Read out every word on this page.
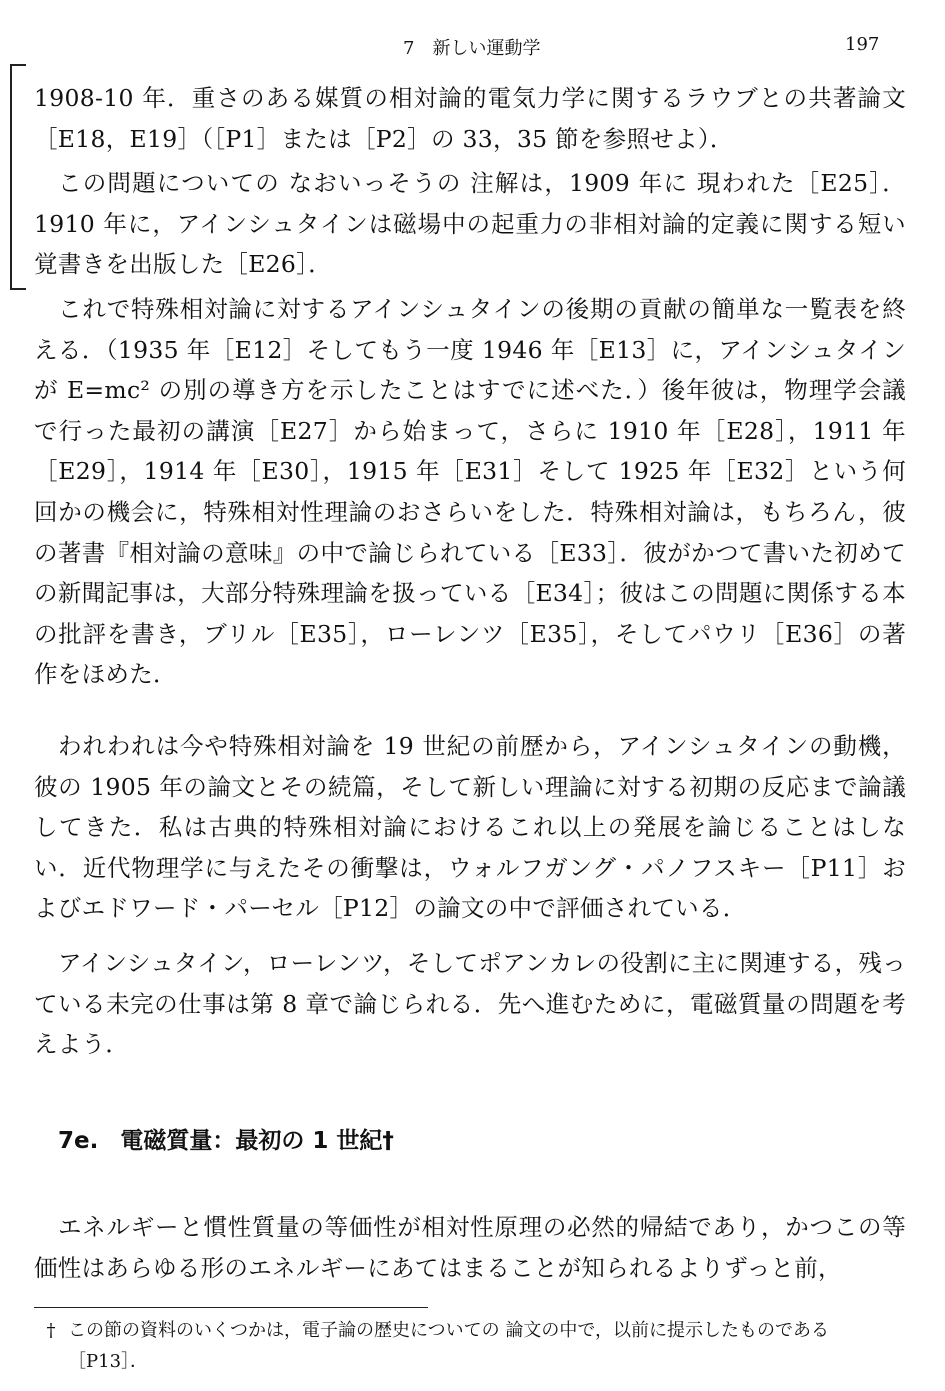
7　新しい運動学	197

1908-10 年．重さのある媒質の相対論的電気力学に関するラウブとの共著論文［E18，E19］（［P1］または［P2］の 33，35 節を参照せよ）．

この問題についての なおいっそうの 注解は，1909 年に 現われた［E25］．1910 年に，アインシュタインは磁場中の起重力の非相対論的定義に関する短い覚書きを出版した［E26］．

これで特殊相対論に対するアインシュタインの後期の貢献の簡単な一覧表を終える．（1935 年［E12］そしてもう一度 1946 年［E13］に，アインシュタインが E=mc² の別の導き方を示したことはすでに述べた．）後年彼は，物理学会議で行った最初の講演［E27］から始まって，さらに 1910 年［E28］，1911 年［E29］，1914 年［E30］，1915 年［E31］そして 1925 年［E32］という何回かの機会に，特殊相対性理論のおさらいをした．特殊相対論は，もちろん，彼の著書『相対論の意味』の中で論じられている［E33］．彼がかつて書いた初めての新聞記事は，大部分特殊理論を扱っている［E34］；彼はこの問題に関係する本の批評を書き，ブリル［E35］，ローレンツ［E35］，そしてパウリ［E36］の著作をほめた．

われわれは今や特殊相対論を 19 世紀の前歴から，アインシュタインの動機，彼の 1905 年の論文とその続篇，そして新しい理論に対する初期の反応まで論議してきた．私は古典的特殊相対論におけるこれ以上の発展を論じることはしない．近代物理学に与えたその衝撃は，ウォルフガング・パノフスキー［P11］およびエドワード・パーセル［P12］の論文の中で評価されている．

アインシュタイン，ローレンツ，そしてポアンカレの役割に主に関連する，残っている未完の仕事は第 8 章で論じられる．先へ進むために，電磁質量の問題を考えよう．

7e. 電磁質量：最初の 1 世紀†

エネルギーと慣性質量の等価性が相対性原理の必然的帰結であり，かつこの等価性はあらゆる形のエネルギーにあてはまることが知られるよりずっと前，

† この節の資料のいくつかは，電子論の歴史についての 論文の中で，以前に提示したものである
［P13］．
